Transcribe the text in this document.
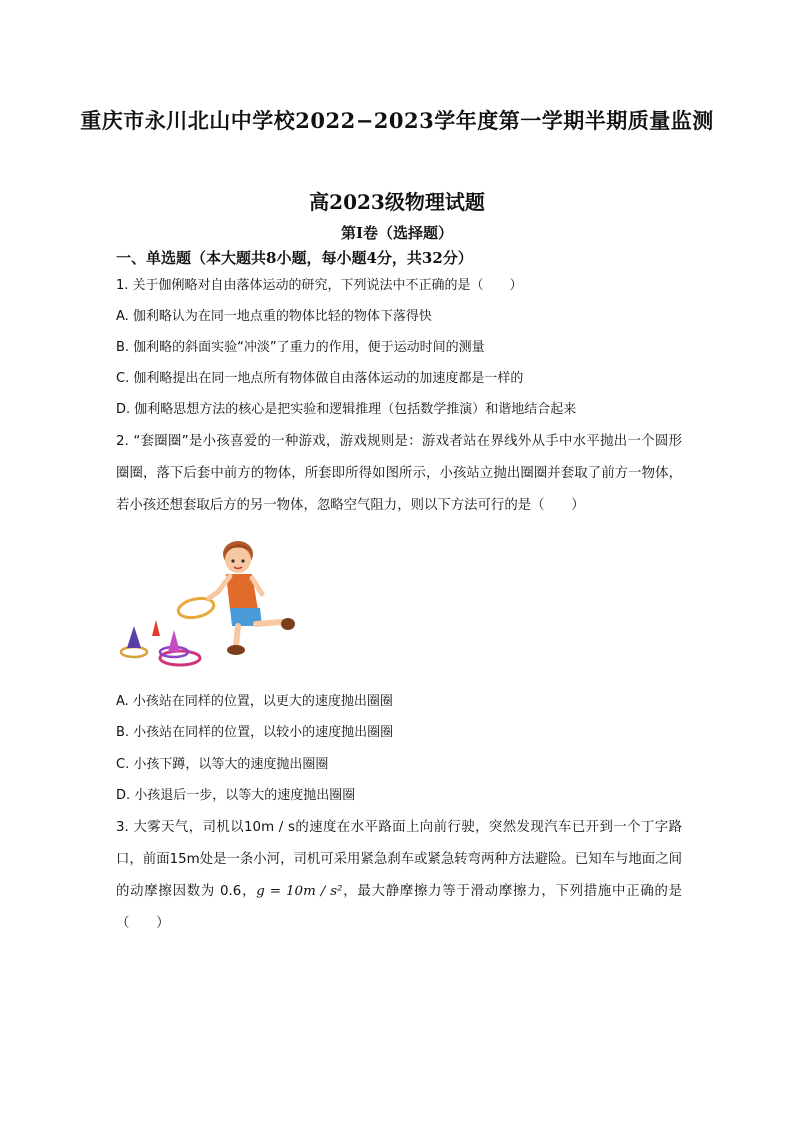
重庆市永川北山中学校2022−2023学年度第一学期半期质量监测
高2023级物理试题
第Ⅰ卷（选择题）
一、单选题（本大题共8小题，每小题4分，共32分）
1. 关于伽俐略对自由落体运动的研究，下列说法中不正确的是（　　）
A. 伽利略认为在同一地点重的物体比轻的物体下落得快
B. 伽利略的斜面实验“冲淡”了重力的作用，便于运动时间的测量
C. 伽利略提出在同一地点所有物体做自由落体运动的加速度都是一样的
D. 伽利略思想方法的核心是把实验和逻辑推理（包括数学推演）和谐地结合起来
2. “套圈圈”是小孩喜爱的一种游戏，游戏规则是：游戏者站在界线外从手中水平抛出一个圆形圈圈，落下后套中前方的物体，所套即所得如图所示，小孩站立抛出圈圈并套取了前方一物体，若小孩还想套取后方的另一物体，忽略空气阻力，则以下方法可行的是（　　）
A. 小孩站在同样的位置，以更大的速度抛出圈圈
B. 小孩站在同样的位置，以较小的速度抛出圈圈
C. 小孩下蹲，以等大的速度抛出圈圈
D. 小孩退后一步，以等大的速度抛出圈圈
3. 大雾天气，司机以10m / s的速度在水平路面上向前行驶，突然发现汽车已开到一个丁字路口，前面15m处是一条小河，司机可采用紧急刹车或紧急转弯两种方法避险。已知车与地面之间的动摩擦因数为 0.6，g = 10m / s²，最大静摩擦力等于滑动摩擦力，下列措施中正确的是（　　）
